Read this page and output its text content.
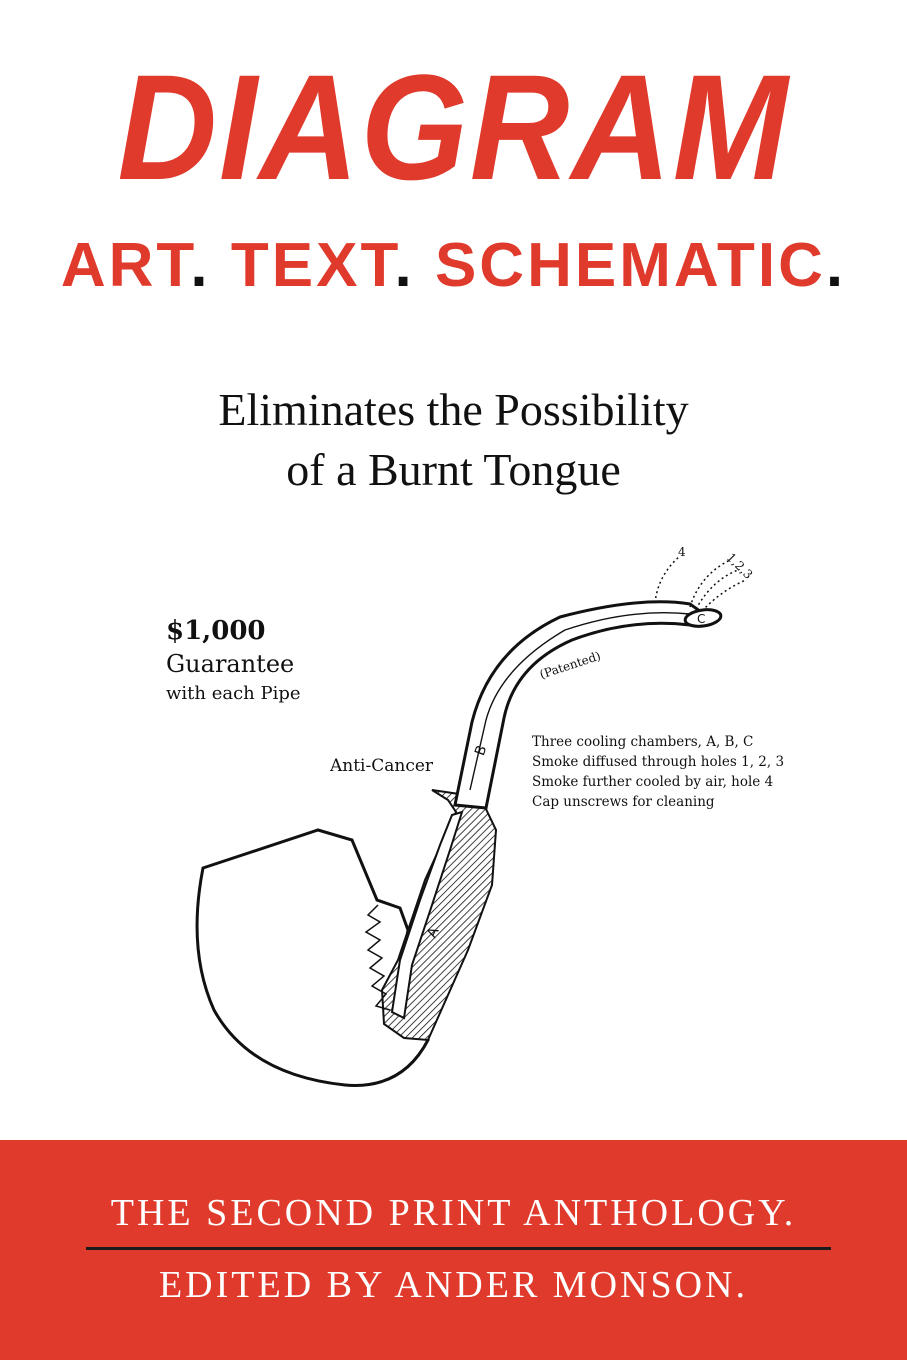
DIAGRAM
ART. TEXT. SCHEMATIC.
Eliminates the Possibility
of a Burnt Tongue
$1,000
Guarantee
with each Pipe
A
B
C
4	1,2,3
(Patented)
Anti-Cancer
Three cooling chambers, A, B, C
Smoke diffused through holes 1, 2, 3
Smoke further cooled by air, hole 4
Cap unscrews for cleaning
THE SECOND PRINT ANTHOLOGY.
EDITED BY ANDER MONSON.
